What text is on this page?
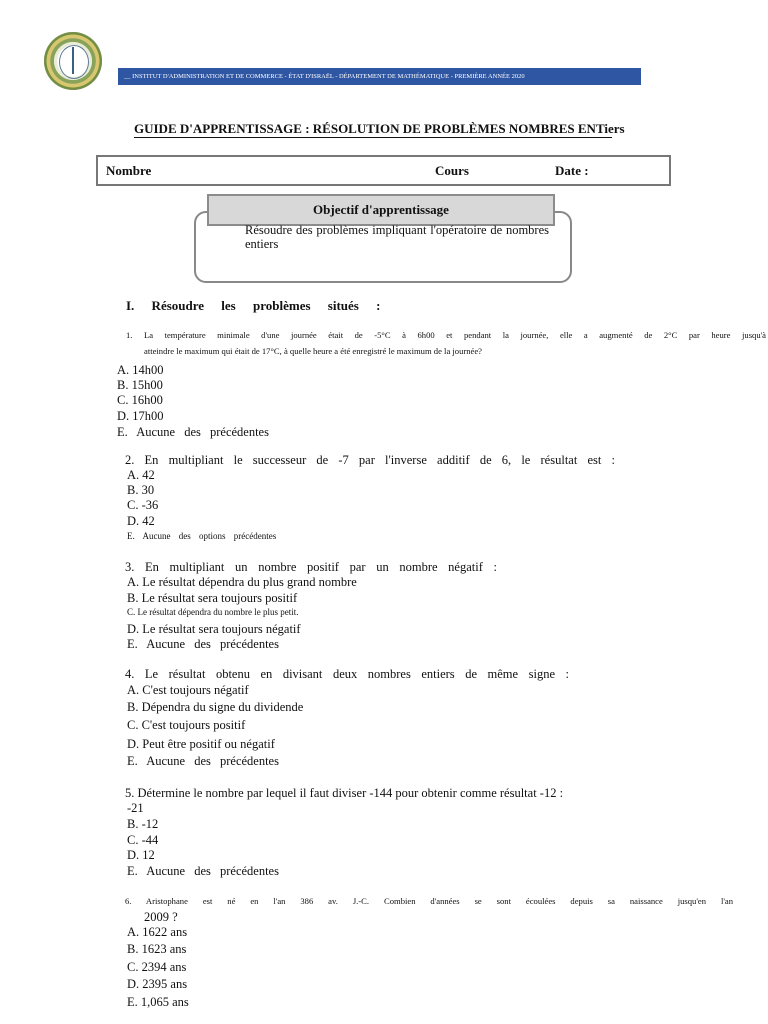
__ INSTITUT D'ADMINISTRATION ET DE COMMERCE - ÉTAT D'ISRAËL - DÉPARTEMENT DE MATHÉMATIQUE - PREMIÈRE ANNÉE 2020
GUIDE D'APPRENTISSAGE : RÉSOLUTION DE PROBLÈMES NOMBRES ENTiers
Nombre	Cours	Date :
Objectif d'apprentissage
Résoudre des problèmes impliquant l'opératoire de nombres entiers
I. Résoudre les problèmes situés :
1. La température minimale d'une journée était de -5°C à 6h00 et pendant la journée, elle a augmenté de 2°C par heure jusqu'à
atteindre le maximum qui était de 17°C, à quelle heure a été enregistré le maximum de la journée?
A. 14h00
B. 15h00
C. 16h00
D. 17h00
E. Aucune des précédentes
2. En multipliant le successeur de -7 par l'inverse additif de 6, le résultat est :
A. 42
B. 30
C. -36
D. 42
E. Aucune des options précédentes
3. En multipliant un nombre positif par un nombre négatif :
A. Le résultat dépendra du plus grand nombre
B. Le résultat sera toujours positif
C. Le résultat dépendra du nombre le plus petit.
D. Le résultat sera toujours négatif
E. Aucune des précédentes
4. Le résultat obtenu en divisant deux nombres entiers de même signe :
A. C'est toujours négatif
B. Dépendra du signe du dividende
C. C'est toujours positif
D. Peut être positif ou négatif
E. Aucune des précédentes
5. Détermine le nombre par lequel il faut diviser -144 pour obtenir comme résultat -12 :
-21
B. -12
C. -44
D. 12
E. Aucune des précédentes
6. Aristophane est né en l'an 386 av. J.-C. Combien d'années se sont écoulées depuis sa naissance jusqu'en l'an
2009 ?
A. 1622 ans
B. 1623 ans
C. 2394 ans
D. 2395 ans
E. 1,065 ans
